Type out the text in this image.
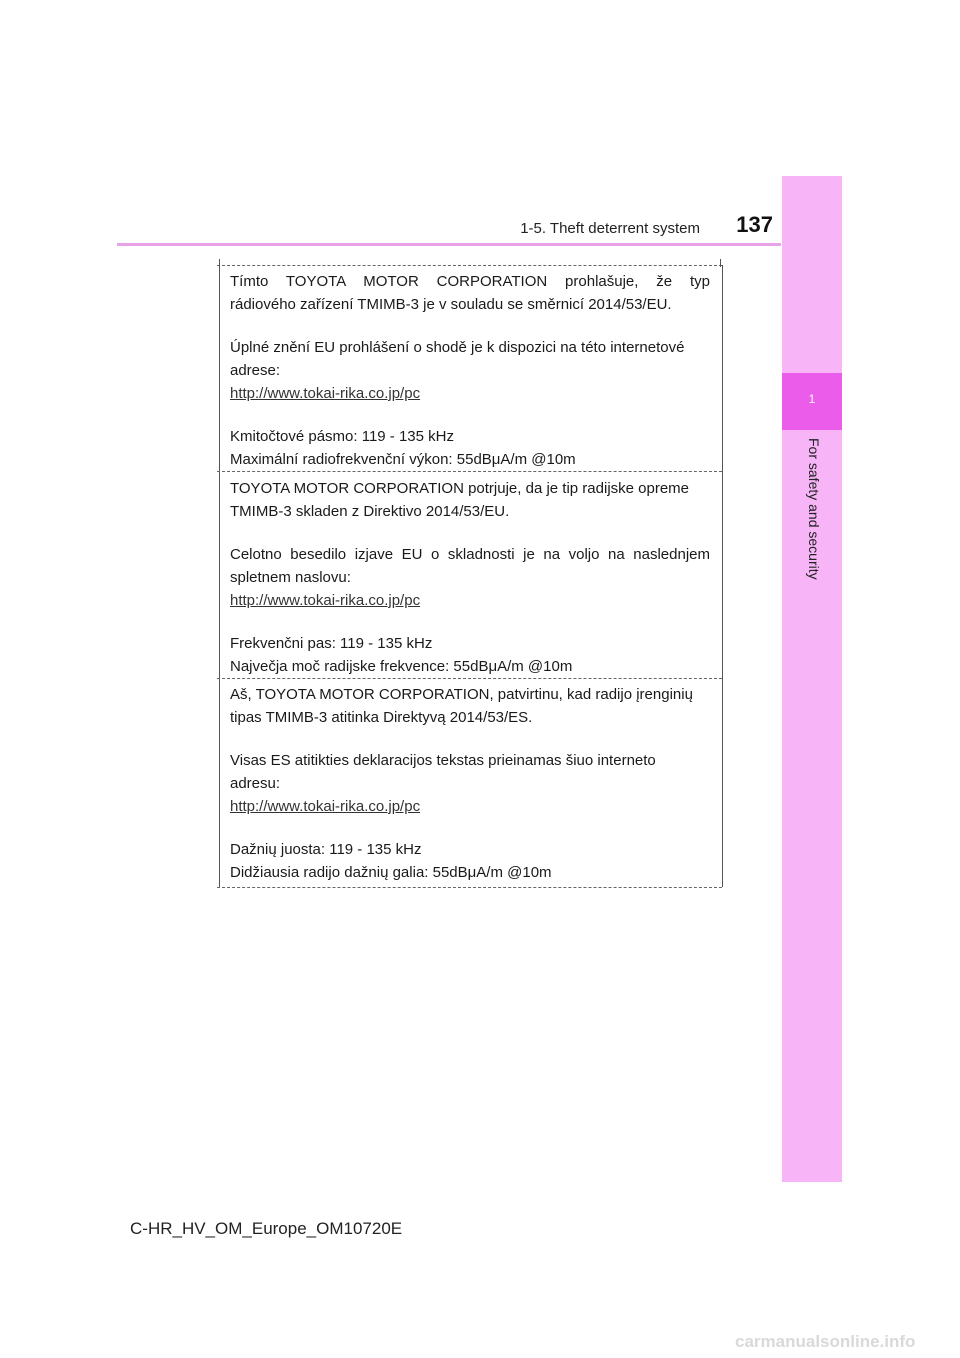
1
For safety and security
1-5. Theft deterrent system	137

Tímto TOYOTA MOTOR CORPORATION prohlašuje, že typ

rádiového zařízení TMIMB-3 je v souladu se směrnicí 2014/53/EU.

Úplné znění EU prohlášení o shodě je k dispozici na této internetové

adrese:

http://www.tokai-rika.co.jp/pc

Kmitočtové pásmo: 119 - 135 kHz

Maximální radiofrekvenční výkon: 55dBμA/m @10m

TOYOTA MOTOR CORPORATION potrjuje, da je tip radijske opreme

TMIMB-3 skladen z Direktivo 2014/53/EU.

Celotno besedilo izjave EU o skladnosti je na voljo na naslednjem

spletnem naslovu:

http://www.tokai-rika.co.jp/pc

Frekvenčni pas: 119 - 135 kHz

Največja moč radijske frekvence: 55dBμA/m @10m

Aš, TOYOTA MOTOR CORPORATION, patvirtinu, kad radijo įrenginių

tipas TMIMB-3 atitinka Direktyvą 2014/53/ES.

Visas ES atitikties deklaracijos tekstas prieinamas šiuo interneto

adresu:

http://www.tokai-rika.co.jp/pc

Dažnių juosta: 119 - 135 kHz

Didžiausia radijo dažnių galia: 55dBμA/m @10m

C-HR_HV_OM_Europe_OM10720E
carmanualsonline.info
